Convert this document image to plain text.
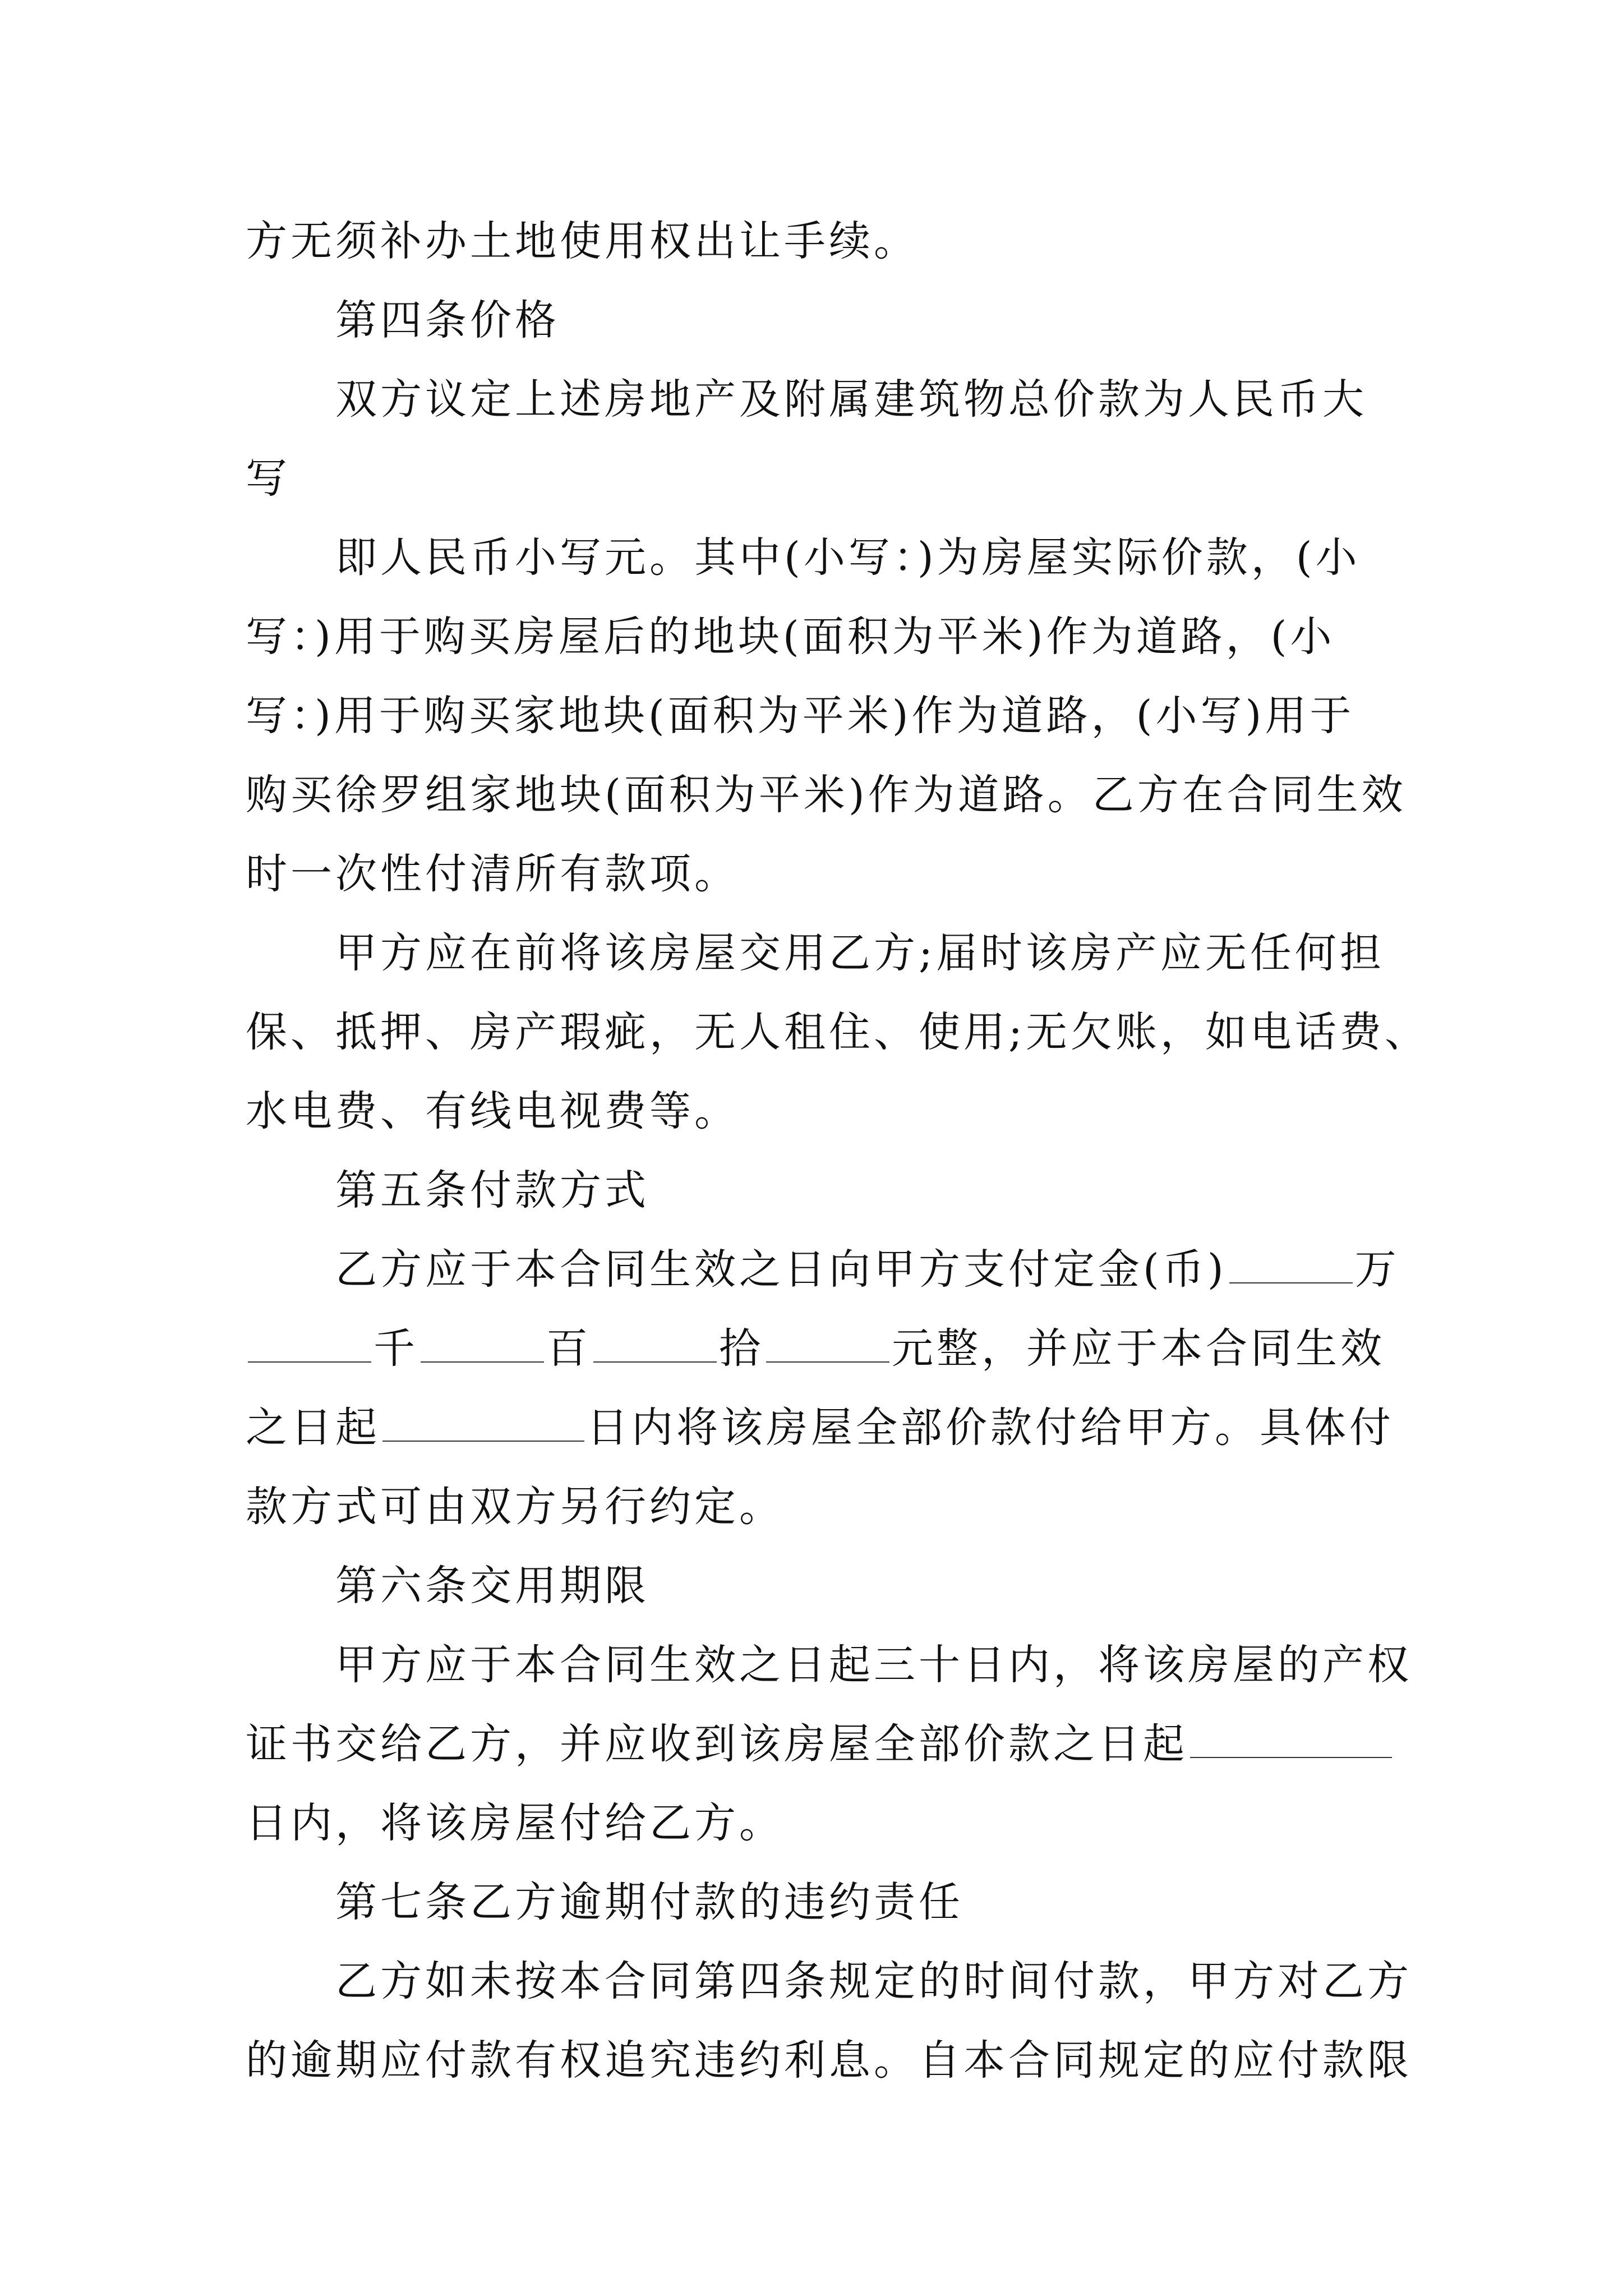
方无须补办土地使用权出让手续。
第四条价格
双方议定上述房地产及附属建筑物总价款为人民币大
写
即人民币小写元。其中(小写：)为房屋实际价款，(小
写：)用于购买房屋后的地块(面积为平米)作为道路，(小
写：)用于购买家地块(面积为平米)作为道路，(小写)用于
购买徐罗组家地块(面积为平米)作为道路。乙方在合同生效
时一次性付清所有款项。
甲方应在前将该房屋交用乙方;届时该房产应无任何担
保、抵押、房产瑕疵，无人租住、使用;无欠账，如电话费、
水电费、有线电视费等。
第五条付款方式
乙方应于本合同生效之日向甲方支付定金(币)	万
千	百	拾	元整，并应于本合同生效
之日起	日内将该房屋全部价款付给甲方。具体付
款方式可由双方另行约定。
第六条交用期限
甲方应于本合同生效之日起三十日内，将该房屋的产权
证书交给乙方，并应收到该房屋全部价款之日起
日内，将该房屋付给乙方。
第七条乙方逾期付款的违约责任
乙方如未按本合同第四条规定的时间付款，甲方对乙方
的逾期应付款有权追究违约利息。自本合同规定的应付款限
